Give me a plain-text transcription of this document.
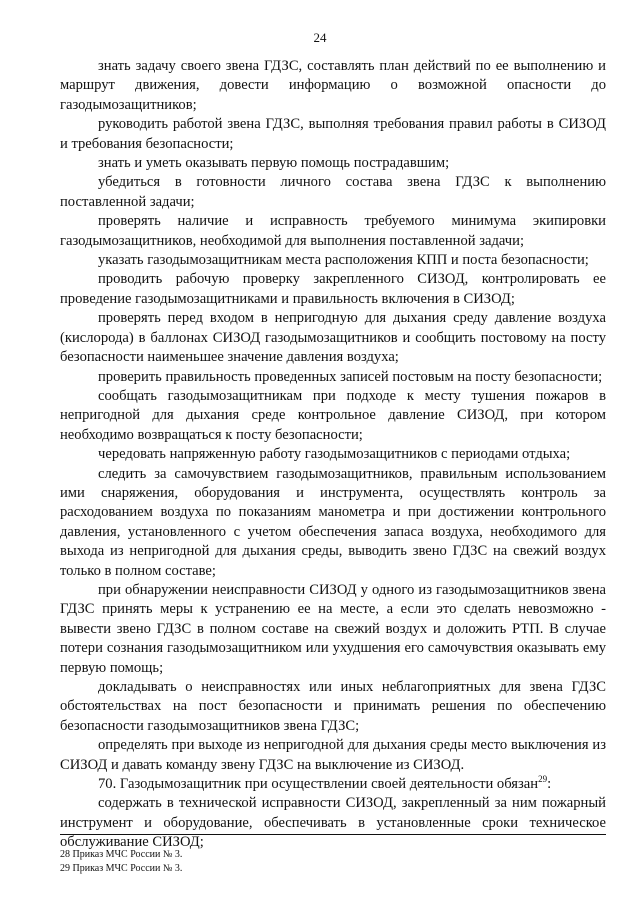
24

знать задачу своего звена ГДЗС, составлять план действий по ее выполнению и маршрут движения, довести информацию о возможной опасности до газодымозащитников;

руководить работой звена ГДЗС, выполняя требования правил работы в СИЗОД и требования безопасности;

знать и уметь оказывать первую помощь пострадавшим;

убедиться в готовности личного состава звена ГДЗС к выполнению поставленной задачи;

проверять наличие и исправность требуемого минимума экипировки газодымозащитников, необходимой для выполнения поставленной задачи;

указать газодымозащитникам места расположения КПП и поста безопасности;

проводить рабочую проверку закрепленного СИЗОД, контролировать ее проведение газодымозащитниками и правильность включения в СИЗОД;

проверять перед входом в непригодную для дыхания среду давление воздуха (кислорода) в баллонах СИЗОД газодымозащитников и сообщить постовому на посту безопасности наименьшее значение давления воздуха;

проверить правильность проведенных записей постовым на посту безопасности;

сообщать газодымозащитникам при подходе к месту тушения пожаров в непригодной для дыхания среде контрольное давление СИЗОД, при котором необходимо возвращаться к посту безопасности;

чередовать напряженную работу газодымозащитников с периодами отдыха;

следить за самочувствием газодымозащитников, правильным использованием ими снаряжения, оборудования и инструмента, осуществлять контроль за расходованием воздуха по показаниям манометра и при достижении контрольного давления, установленного с учетом обеспечения запаса воздуха, необходимого для выхода из непригодной для дыхания среды, выводить звено ГДЗС на свежий воздух только в полном составе;

при обнаружении неисправности СИЗОД у одного из газодымозащитников звена ГДЗС принять меры к устранению ее на месте, а если это сделать невозможно - вывести звено ГДЗС в полном составе на свежий воздух и доложить РТП. В случае потери сознания газодымозащитником или ухудшения его самочувствия оказывать ему первую помощь;

докладывать о неисправностях или иных неблагоприятных для звена ГДЗС обстоятельствах на пост безопасности и принимать решения по обеспечению безопасности газодымозащитников звена ГДЗС;

определять при выходе из непригодной для дыхания среды место выключения из СИЗОД и давать команду звену ГДЗС на выключение из СИЗОД.

70. Газодымозащитник при осуществлении своей деятельности обязан$^{29}$:

содержать в технической исправности СИЗОД, закрепленный за ним пожарный инструмент и оборудование, обеспечивать в установленные сроки техническое обслуживание СИЗОД;

28 Приказ МЧС России № 3.
29 Приказ МЧС России № 3.
